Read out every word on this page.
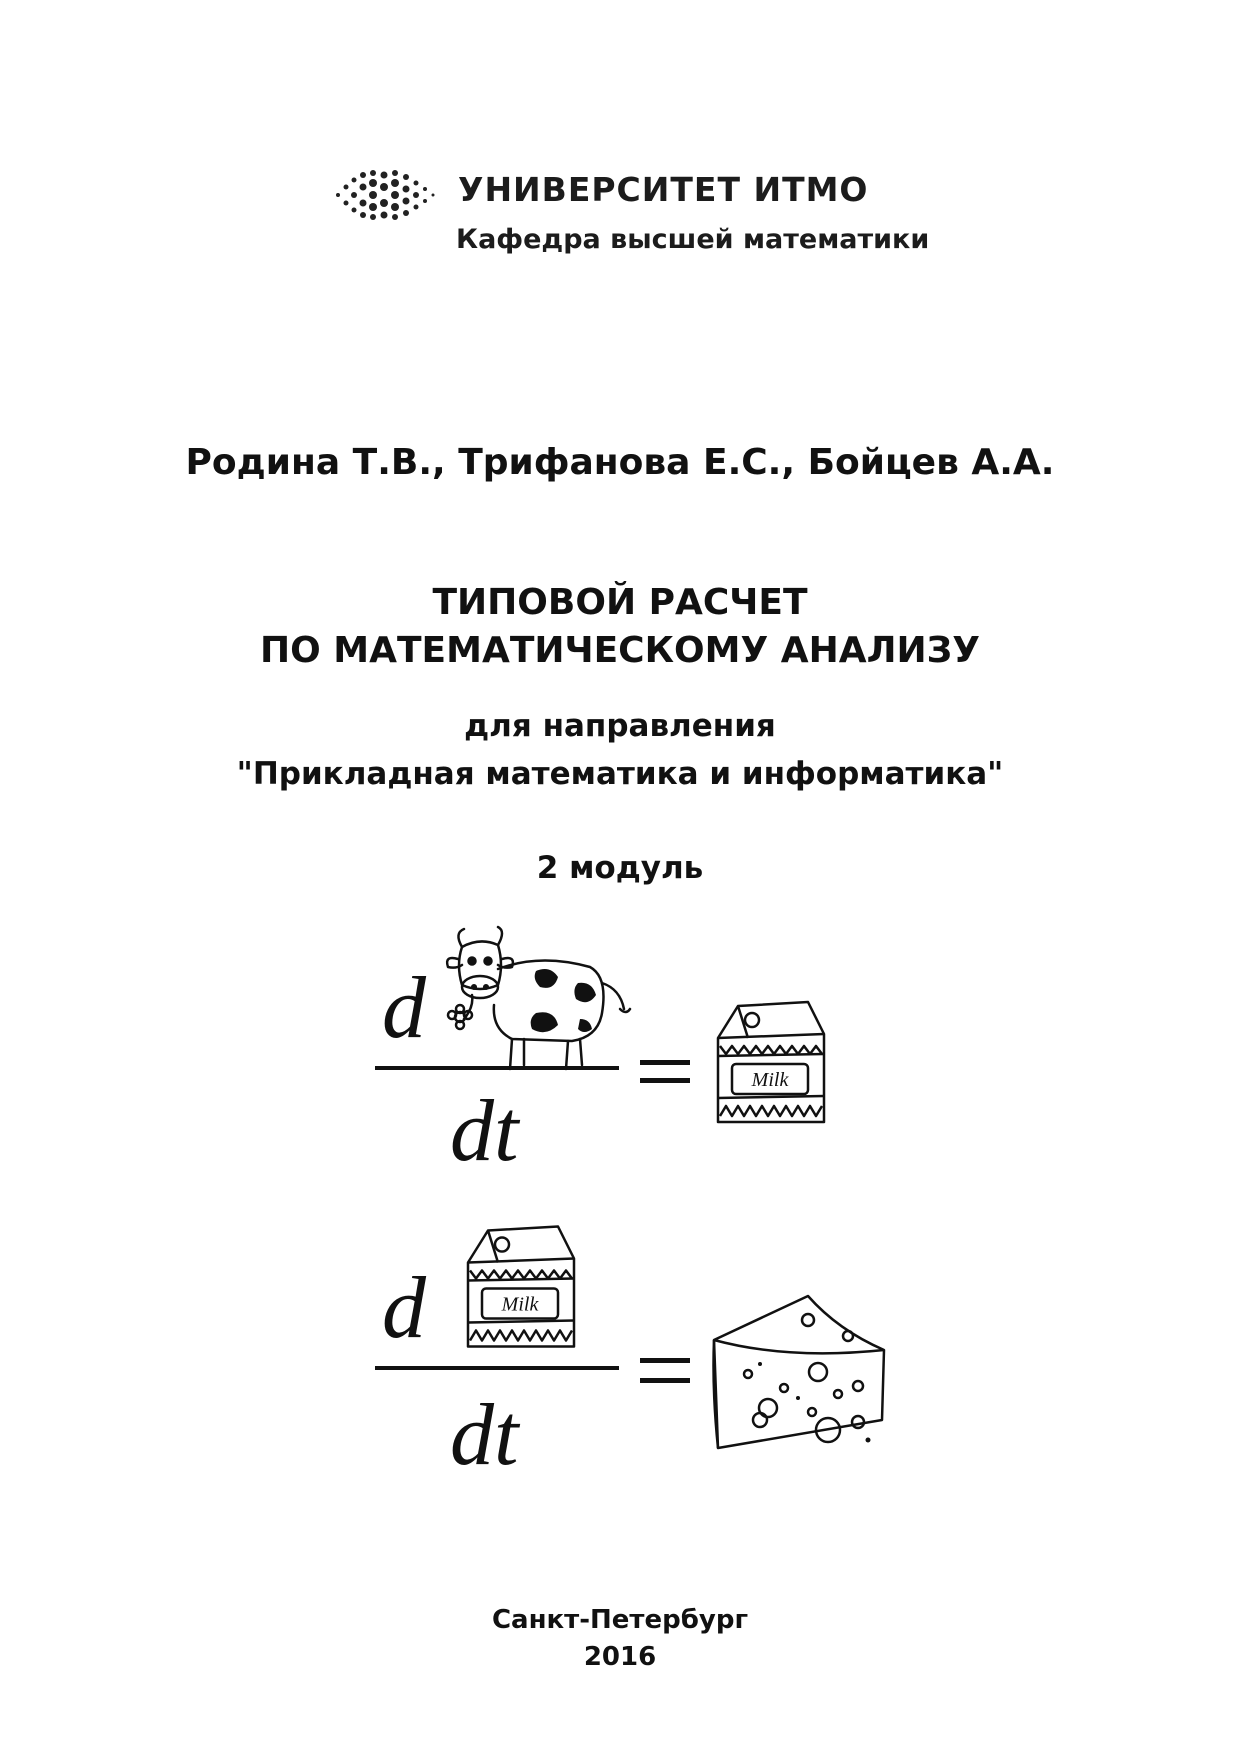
УНИВЕРСИТЕТ ИТМО
Кафедра высшей математики
Родина Т.В., Трифанова Е.С., Бойцев А.А.
ТИПОВОЙ РАСЧЕТ
ПО МАТЕМАТИЧЕСКОМУ АНАЛИЗУ
для направления
"Прикладная математика и информатика"
2 модуль
d
dt
Milk
d	Milk
dt
Санкт-Петербург
2016
